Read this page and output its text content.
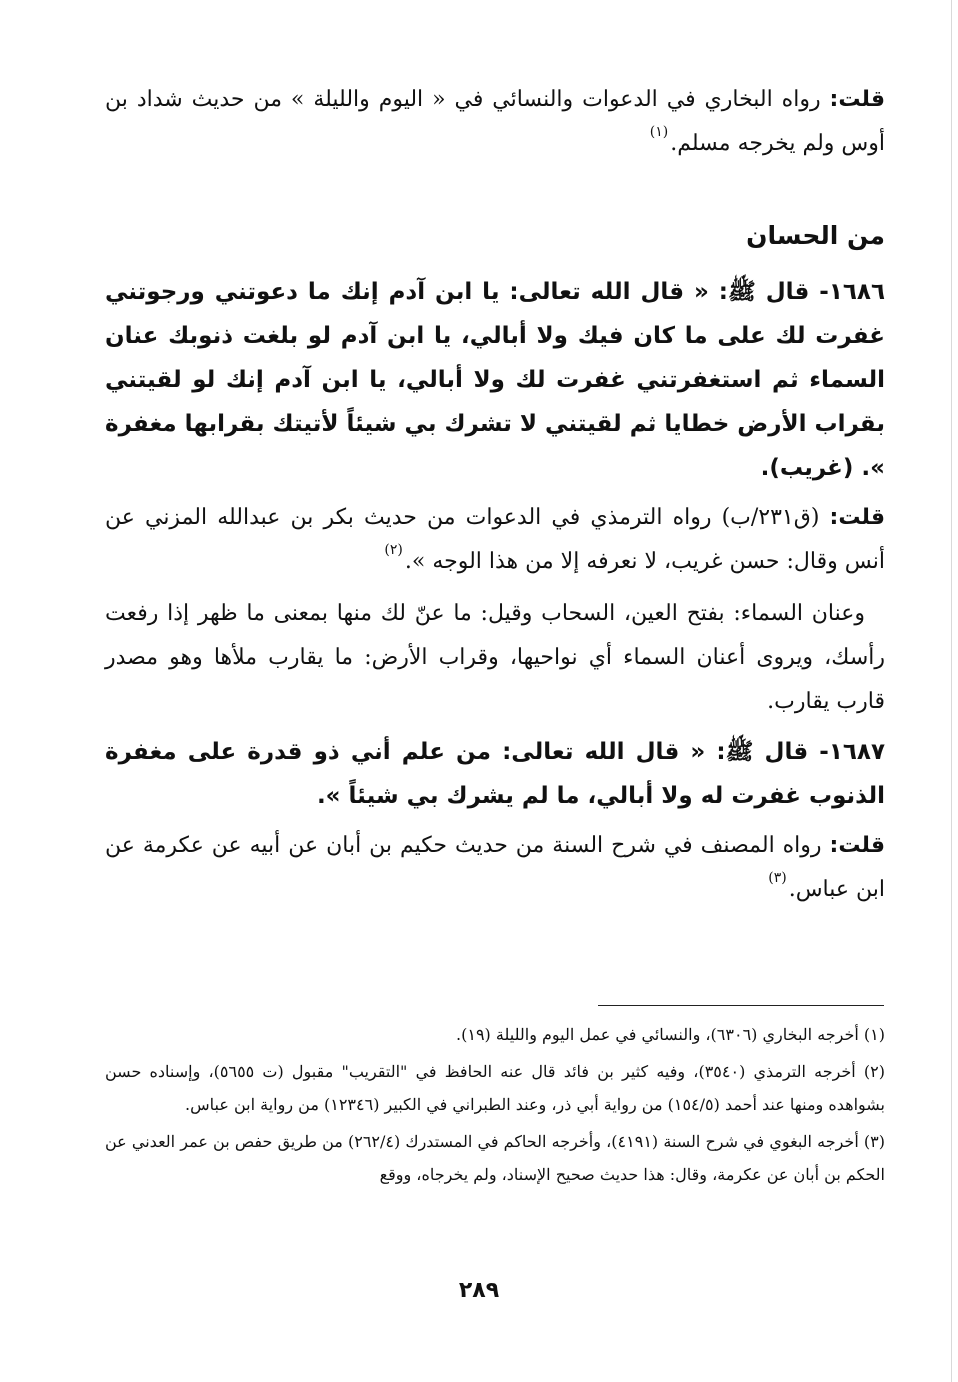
قلت: رواه البخاري في الدعوات والنسائي في « اليوم والليلة » من حديث شداد بن أوس ولم يخرجه مسلم.$^{(١)}$

من الحسان

١٦٨٦- قال ﷺ: « قال الله تعالى: يا ابن آدم إنك ما دعوتني ورجوتني غفرت لك على ما كان فيك ولا أبالي، يا ابن آدم لو بلغت ذنوبك عنان السماء ثم استغفرتني غفرت لك ولا أبالي، يا ابن آدم إنك لو لقيتني بقراب الأرض خطايا ثم لقيتني لا تشرك بي شيئاً لأتيتك بقرابها مغفرة ». (غريب).

قلت: (ق٢٣١/ب) رواه الترمذي في الدعوات من حديث بكر بن عبدالله المزني عن أنس وقال: حسن غريب، لا نعرفه إلا من هذا الوجه ».$^{(٢)}$

وعنان السماء: بفتح العين، السحاب وقيل: ما عنّ لك منها بمعنى ما ظهر إذا رفعت رأسك، ويروى أعنان السماء أي نواحيها، وقراب الأرض: ما يقارب ملأها وهو مصدر قارب يقارب.

١٦٨٧- قال ﷺ: « قال الله تعالى: من علم أني ذو قدرة على مغفرة الذنوب غفرت له ولا أبالي، ما لم يشرك بي شيئاً ».

قلت: رواه المصنف في شرح السنة من حديث حكيم بن أبان عن أبيه عن عكرمة عن ابن عباس.$^{(٣)}$

(١) أخرجه البخاري (٦٣٠٦)، والنسائي في عمل اليوم والليلة (١٩).

(٢) أخرجه الترمذي (٣٥٤٠)، وفيه كثير بن فائد قال عنه الحافظ في "التقريب" مقبول (ت ٥٦٥٥)، وإسناده حسن بشواهده ومنها عند أحمد (١٥٤/٥) من رواية أبي ذر، وعند الطبراني في الكبير (١٢٣٤٦) من رواية ابن عباس.

(٣) أخرجه البغوي في شرح السنة (٤١٩١)، وأخرجه الحاكم في المستدرك (٢٦٢/٤) من طريق حفص بن عمر العدني عن الحكم بن أبان عن عكرمة، وقال: هذا حديث صحيح الإسناد، ولم يخرجاه، ووقع

٢٨٩
